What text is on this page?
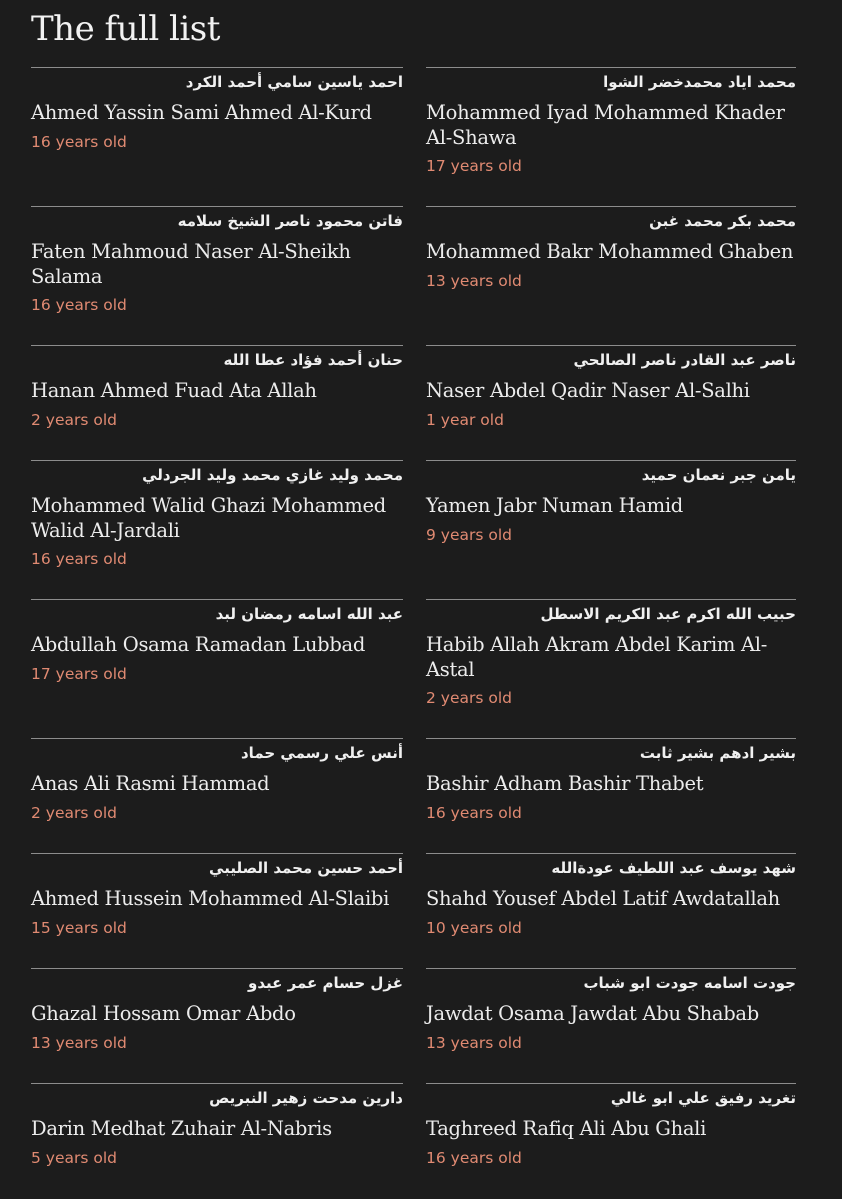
The full list
احمد ياسين سامي أحمد الكرد
Ahmed Yassin Sami Ahmed Al-Kurd
16 years old
محمد اياد محمدخضر الشوا
Mohammed Iyad Mohammed Khader Al-Shawa
17 years old
فاتن محمود ناصر الشيخ سلامه
Faten Mahmoud Naser Al-Sheikh Salama
16 years old
محمد بكر محمد غبن
Mohammed Bakr Mohammed Ghaben
13 years old
حنان أحمد فؤاد عطا الله
Hanan Ahmed Fuad Ata Allah
2 years old
ناصر عبد القادر ناصر الصالحي
Naser Abdel Qadir Naser Al-Salhi
1 year old
محمد وليد غازي محمد وليد الجردلي
Mohammed Walid Ghazi Mohammed Walid Al-Jardali
16 years old
يامن جبر نعمان حميد
Yamen Jabr Numan Hamid
9 years old
عبد الله اسامه رمضان لبد
Abdullah Osama Ramadan Lubbad
17 years old
حبيب الله اكرم عبد الكريم الاسطل
Habib Allah Akram Abdel Karim Al-Astal
2 years old
أنس علي رسمي حماد
Anas Ali Rasmi Hammad
2 years old
بشير ادهم بشير ثابت
Bashir Adham Bashir Thabet
16 years old
أحمد حسين محمد الصليبي
Ahmed Hussein Mohammed Al-Slaibi
15 years old
شهد يوسف عبد اللطيف عودةالله
Shahd Yousef Abdel Latif Awdatallah
10 years old
غزل حسام عمر عبدو
Ghazal Hossam Omar Abdo
13 years old
جودت اسامه جودت ابو شباب
Jawdat Osama Jawdat Abu Shabab
13 years old
دارين مدحت زهير النبريص
Darin Medhat Zuhair Al-Nabris
5 years old
تغريد رفيق علي ابو غالي
Taghreed Rafiq Ali Abu Ghali
16 years old
